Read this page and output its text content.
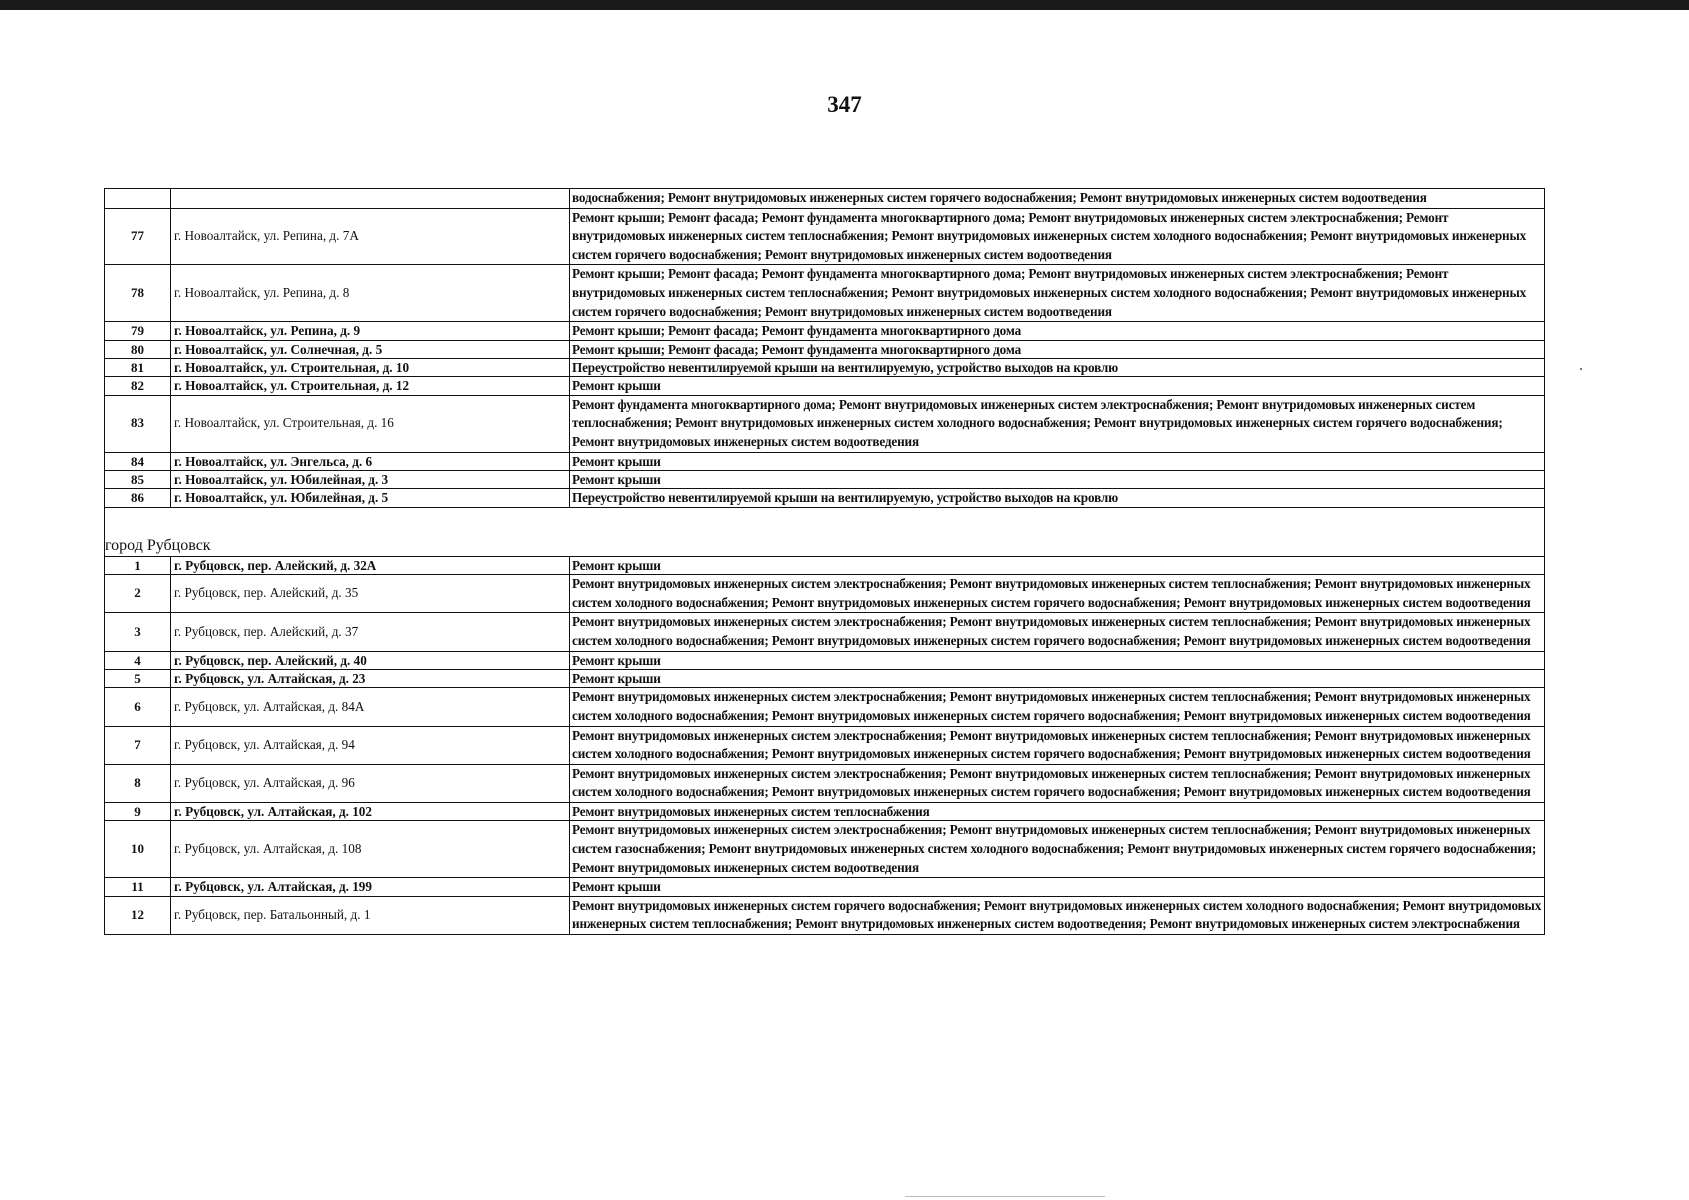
347
		водоснабжения; Ремонт внутридомовых инженерных систем горячего водоснабжения; Ремонт внутридомовых инженерных систем водоотведения
77	г. Новоалтайск, ул. Репина, д. 7А	Ремонт крыши; Ремонт фасада; Ремонт фундамента многоквартирного дома; Ремонт внутридомовых инженерных систем электроснабжения; Ремонт внутридомовых инженерных систем теплоснабжения; Ремонт внутридомовых инженерных систем холодного водоснабжения; Ремонт внутридомовых инженерных систем горячего водоснабжения; Ремонт внутридомовых инженерных систем водоотведения
78	г. Новоалтайск, ул. Репина, д. 8	Ремонт крыши; Ремонт фасада; Ремонт фундамента многоквартирного дома; Ремонт внутридомовых инженерных систем электроснабжения; Ремонт внутридомовых инженерных систем теплоснабжения; Ремонт внутридомовых инженерных систем холодного водоснабжения; Ремонт внутридомовых инженерных систем горячего водоснабжения; Ремонт внутридомовых инженерных систем водоотведения
79	г. Новоалтайск, ул. Репина, д. 9	Ремонт крыши; Ремонт фасада; Ремонт фундамента многоквартирного дома
80	г. Новоалтайск, ул. Солнечная, д. 5	Ремонт крыши; Ремонт фасада; Ремонт фундамента многоквартирного дома
81	г. Новоалтайск, ул. Строительная, д. 10	Переустройство невентилируемой крыши на вентилируемую, устройство выходов на кровлю
82	г. Новоалтайск, ул. Строительная, д. 12	Ремонт крыши
83	г. Новоалтайск, ул. Строительная, д. 16	Ремонт фундамента многоквартирного дома; Ремонт внутридомовых инженерных систем электроснабжения; Ремонт внутридомовых инженерных систем теплоснабжения; Ремонт внутридомовых инженерных систем холодного водоснабжения; Ремонт внутридомовых инженерных систем горячего водоснабжения; Ремонт внутридомовых инженерных систем водоотведения
84	г. Новоалтайск, ул. Энгельса, д. 6	Ремонт крыши
85	г. Новоалтайск, ул. Юбилейная, д. 3	Ремонт крыши
86	г. Новоалтайск, ул. Юбилейная, д. 5	Переустройство невентилируемой крыши на вентилируемую, устройство выходов на кровлю

город Рубцовск		
1	г. Рубцовск, пер. Алейский, д. 32А	Ремонт крыши
2	г. Рубцовск, пер. Алейский, д. 35	Ремонт внутридомовых инженерных систем электроснабжения; Ремонт внутридомовых инженерных систем теплоснабжения; Ремонт внутридомовых инженерных систем холодного водоснабжения; Ремонт внутридомовых инженерных систем горячего водоснабжения; Ремонт внутридомовых инженерных систем водоотведения
3	г. Рубцовск, пер. Алейский, д. 37	Ремонт внутридомовых инженерных систем электроснабжения; Ремонт внутридомовых инженерных систем теплоснабжения; Ремонт внутридомовых инженерных систем холодного водоснабжения; Ремонт внутридомовых инженерных систем горячего водоснабжения; Ремонт внутридомовых инженерных систем водоотведения
4	г. Рубцовск, пер. Алейский, д. 40	Ремонт крыши
5	г. Рубцовск, ул. Алтайская, д. 23	Ремонт крыши
6	г. Рубцовск, ул. Алтайская, д. 84А	Ремонт внутридомовых инженерных систем электроснабжения; Ремонт внутридомовых инженерных систем теплоснабжения; Ремонт внутридомовых инженерных систем холодного водоснабжения; Ремонт внутридомовых инженерных систем горячего водоснабжения; Ремонт внутридомовых инженерных систем водоотведения
7	г. Рубцовск, ул. Алтайская, д. 94	Ремонт внутридомовых инженерных систем электроснабжения; Ремонт внутридомовых инженерных систем теплоснабжения; Ремонт внутридомовых инженерных систем холодного водоснабжения; Ремонт внутридомовых инженерных систем горячего водоснабжения; Ремонт внутридомовых инженерных систем водоотведения
8	г. Рубцовск, ул. Алтайская, д. 96	Ремонт внутридомовых инженерных систем электроснабжения; Ремонт внутридомовых инженерных систем теплоснабжения; Ремонт внутридомовых инженерных систем холодного водоснабжения; Ремонт внутридомовых инженерных систем горячего водоснабжения; Ремонт внутридомовых инженерных систем водоотведения
9	г. Рубцовск, ул. Алтайская, д. 102	Ремонт внутридомовых инженерных систем теплоснабжения
10	г. Рубцовск, ул. Алтайская, д. 108	Ремонт внутридомовых инженерных систем электроснабжения; Ремонт внутридомовых инженерных систем теплоснабжения; Ремонт внутридомовых инженерных систем газоснабжения; Ремонт внутридомовых инженерных систем холодного водоснабжения; Ремонт внутридомовых инженерных систем горячего водоснабжения; Ремонт внутридомовых инженерных систем водоотведения
11	г. Рубцовск, ул. Алтайская, д. 199	Ремонт крыши
12	г. Рубцовск, пер. Батальонный, д. 1	Ремонт внутридомовых инженерных систем горячего водоснабжения; Ремонт внутридомовых инженерных систем холодного водоснабжения; Ремонт внутридомовых инженерных систем теплоснабжения; Ремонт внутридомовых инженерных систем водоотведения; Ремонт внутридомовых инженерных систем электроснабжения
